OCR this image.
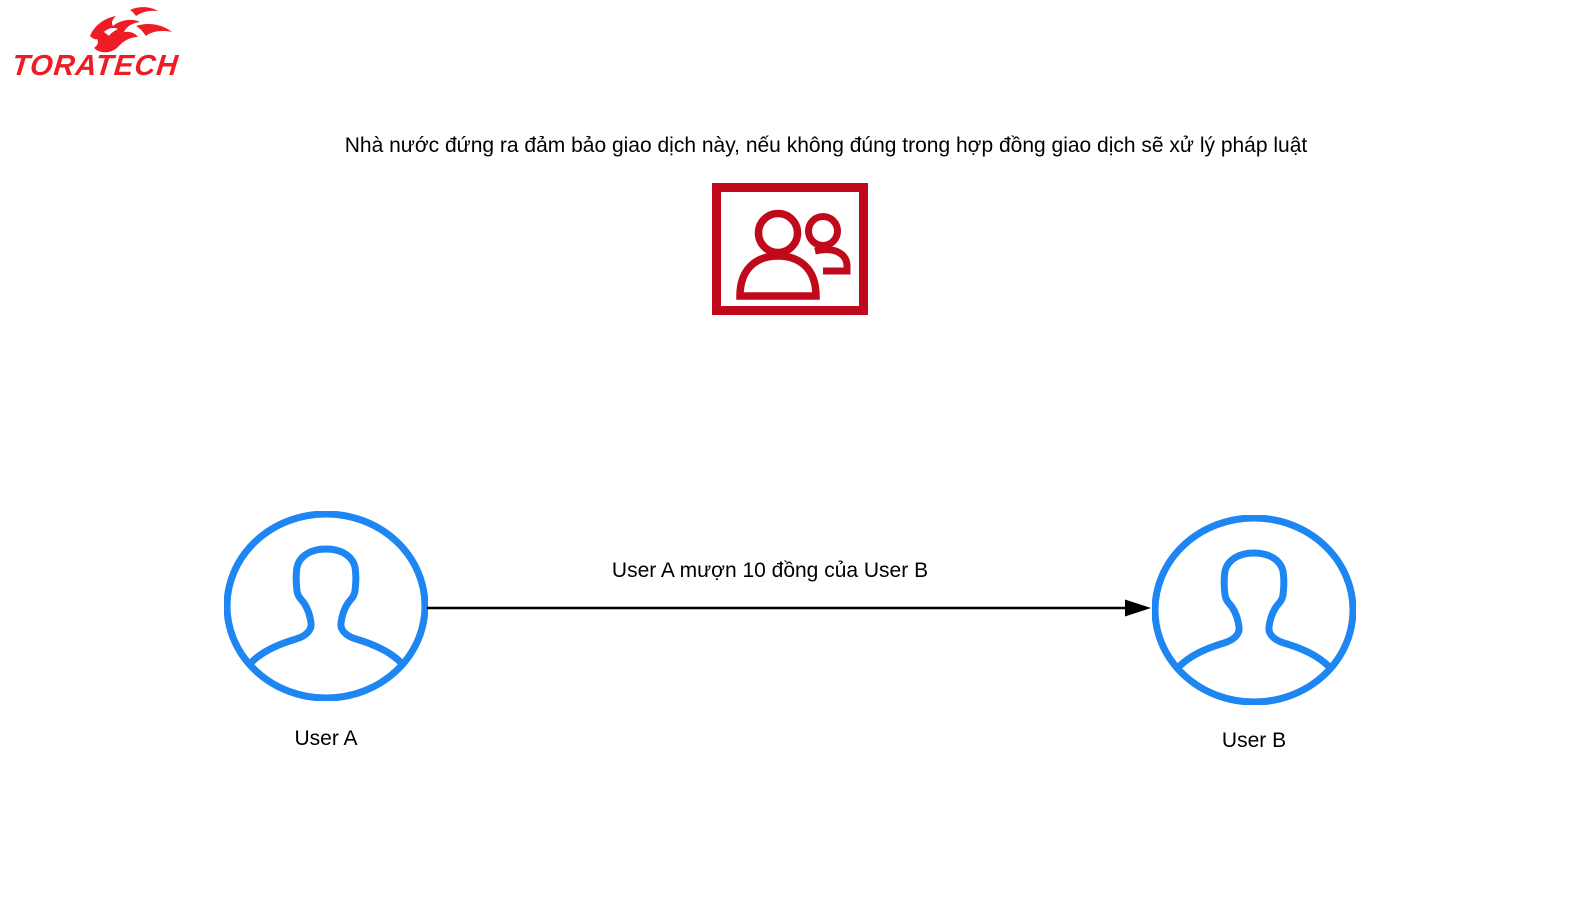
TORATECH
Nhà nước đứng ra đảm bảo giao dịch này, nếu không đúng trong hợp đồng giao dịch sẽ xử lý pháp luật
User A
User A mượn 10 đồng của User B
User B
